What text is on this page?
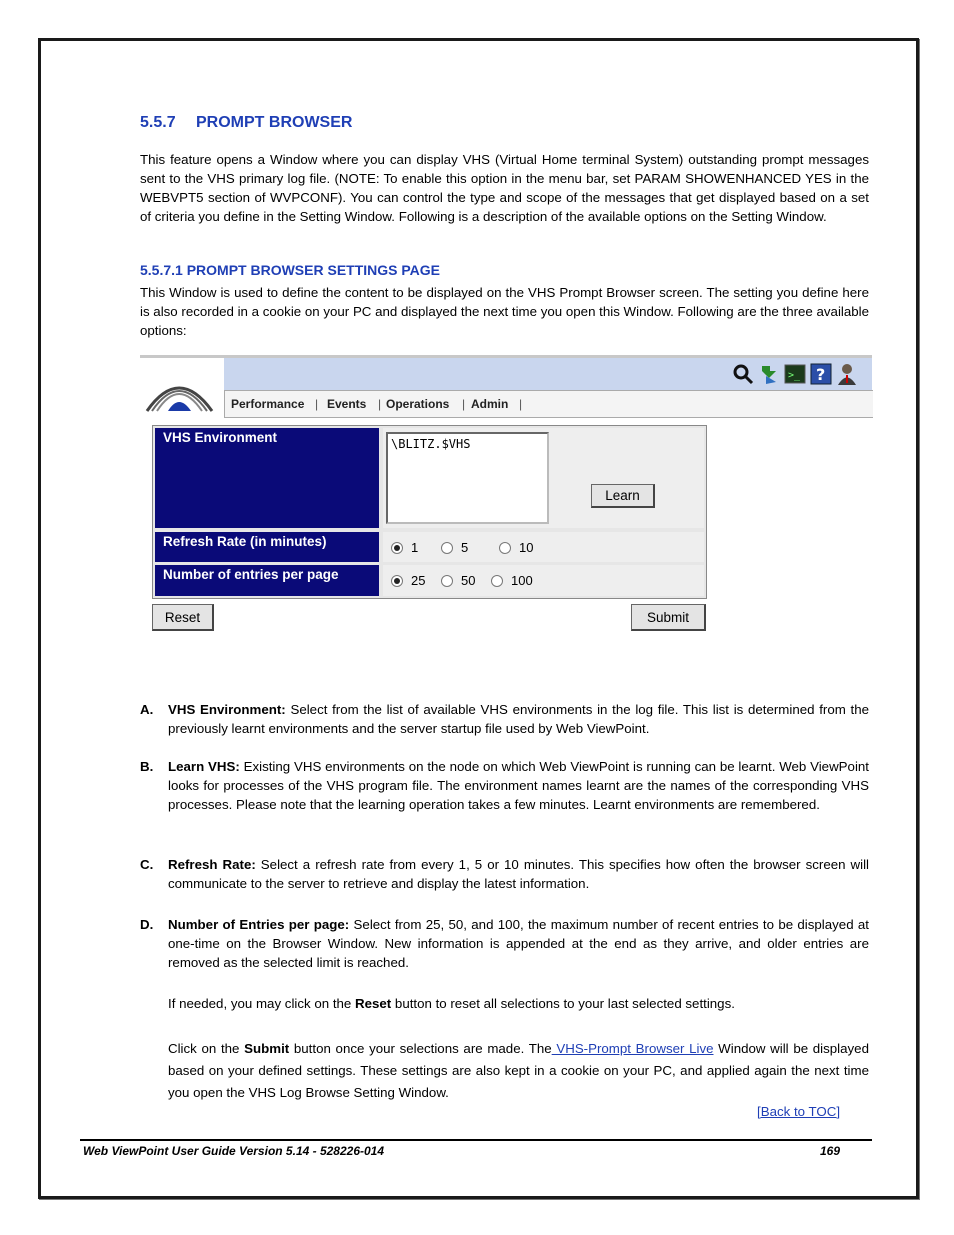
5.5.7 PROMPT BROWSER
This feature opens a Window where you can display VHS (Virtual Home terminal System) outstanding prompt messages sent to the VHS primary log file. (NOTE: To enable this option in the menu bar, set PARAM SHOWENHANCED YES in the WEBVPT5 section of WVPCONF). You can control the type and scope of the messages that get displayed based on a set of criteria you define in the Setting Window. Following is a description of the available options on the Setting Window.
5.5.7.1 PROMPT BROWSER SETTINGS PAGE
This Window is used to define the content to be displayed on the VHS Prompt Browser screen. The setting you define here is also recorded in a cookie on your PC and displayed the next time you open this Window. Following are the three available options:
>_ ?
Performance | Events | Operations | Admin |
VHS Environment
\BLITZ.$VHS
Learn
Refresh Rate (in minutes)	1	5	10
Number of entries per page	25	50	100
Reset	Submit
A. VHS Environment: Select from the list of available VHS environments in the log file. This list is determined from the previously learnt environments and the server startup file used by Web ViewPoint.
B. Learn VHS: Existing VHS environments on the node on which Web ViewPoint is running can be learnt. Web ViewPoint looks for processes of the VHS program file. The environment names learnt are the names of the corresponding VHS processes. Please note that the learning operation takes a few minutes. Learnt environments are remembered.
C. Refresh Rate: Select a refresh rate from every 1, 5 or 10 minutes. This specifies how often the browser screen will communicate to the server to retrieve and display the latest information.
D. Number of Entries per page: Select from 25, 50, and 100, the maximum number of recent entries to be displayed at one-time on the Browser Window. New information is appended at the end as they arrive, and older entries are removed as the selected limit is reached.
If needed, you may click on the Reset button to reset all selections to your last selected settings.
Click on the Submit button once your selections are made. The VHS-Prompt Browser Live Window will be displayed based on your defined settings. These settings are also kept in a cookie on your PC, and applied again the next time you open the VHS Log Browse Setting Window.
[Back to TOC]
Web ViewPoint User Guide Version 5.14 - 528226-014	169
